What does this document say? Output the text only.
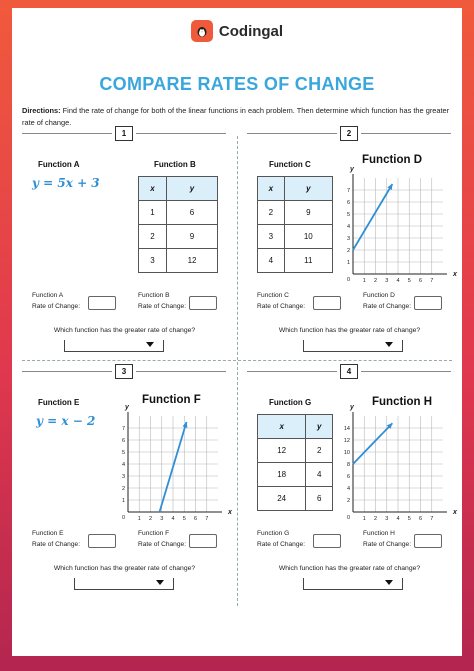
Codingal
COMPARE RATES OF CHANGE
Directions: Find the rate of change for both of the linear functions in each problem. Then determine which function has the greater rate of change.
1
Function A
y = 5x + 3
Function B
x	y
1	6
2	9
3	12
Function A
Rate of Change:
Function B
Rate of Change:
Which function has the greater rate of change?
2
Function C
x	y
2	9
3	10
4	11
Function D
1 2 3 4 5 6 7
1
2
3
4
5
6
7
0
x
y
Function C
Rate of Change:
Function D
Rate of Change:
Which function has the greater rate of change?
3
Function E
y = x − 2
Function F
1 2 3 4 5 6 7
1
2
3
4
5
6
7
0
x
y
Function E
Rate of Change:
Function F
Rate of Change:
Which function has the greater rate of change?
4
Function G
x	y
12	2
18	4
24	6
Function H
1 2 3 4 5 6 7
2
4
6
8
10
12
14
0
x
y
Function G
Rate of Change:
Function H
Rate of Change:
Which function has the greater rate of change?
TOP
worksheets
